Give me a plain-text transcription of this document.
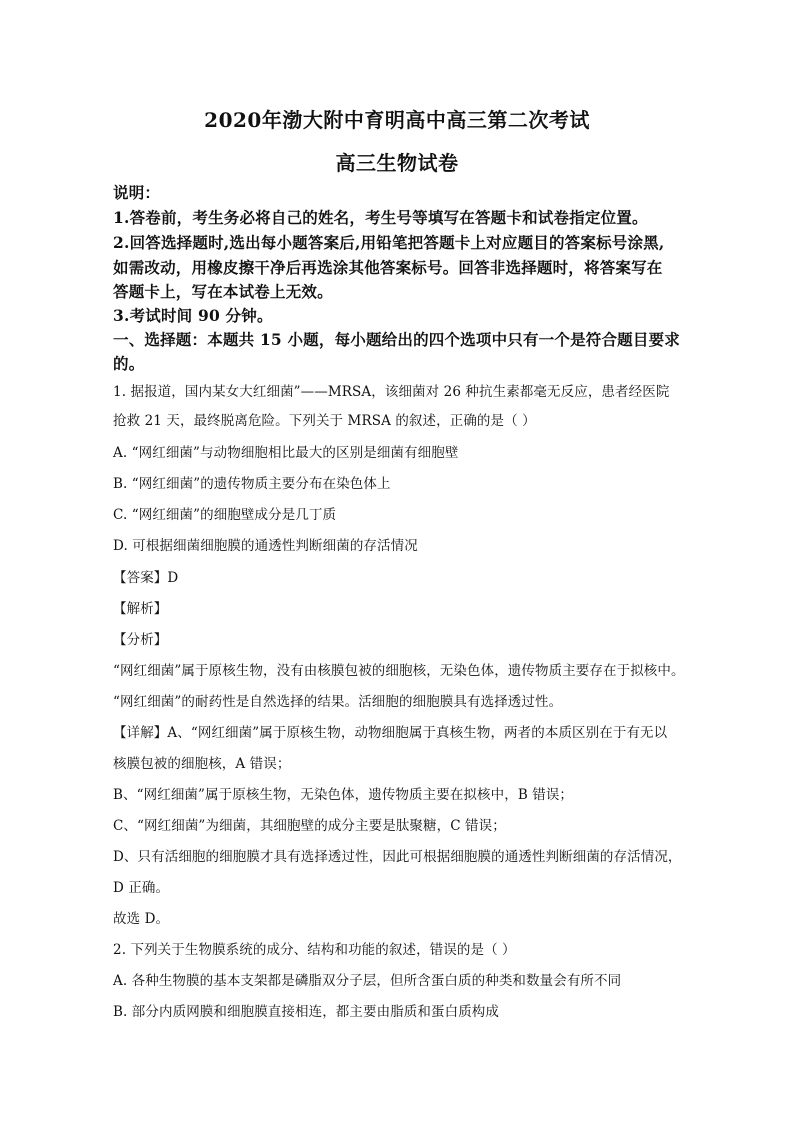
2020年渤大附中育明高中高三第二次考试
高三生物试卷
说明：
1.答卷前，考生务必将自己的姓名，考生号等填写在答题卡和试卷指定位置。
2.回答选择题时,选出每小题答案后,用铅笔把答题卡上对应题目的答案标号涂黑,
如需改动，用橡皮擦干净后再选涂其他答案标号。回答非选择题时，将答案写在
答题卡上，写在本试卷上无效。
3.考试时间 90 分钟。
一、选择题：本题共 15 小题，每小题给出的四个选项中只有一个是符合题目要求
的。
1. 据报道，国内某女大红细菌”——MRSA，该细菌对 26 种抗生素都毫无反应，患者经医院
抢救 21 天，最终脱离危险。下列关于 MRSA 的叙述，正确的是（ ）
A. “网红细菌”与动物细胞相比最大的区别是细菌有细胞壁
B. “网红细菌”的遗传物质主要分布在染色体上
C. “网红细菌”的细胞壁成分是几丁质
D. 可根据细菌细胞膜的通透性判断细菌的存活情况
【答案】D
【解析】
【分析】
“网红细菌”属于原核生物，没有由核膜包被的细胞核，无染色体，遗传物质主要存在于拟核中。
“网红细菌”的耐药性是自然选择的结果。活细胞的细胞膜具有选择透过性。
【详解】A、“网红细菌”属于原核生物，动物细胞属于真核生物，两者的本质区别在于有无以
核膜包被的细胞核，A 错误；
B、“网红细菌”属于原核生物，无染色体，遗传物质主要在拟核中，B 错误；
C、“网红细菌”为细菌，其细胞壁的成分主要是肽聚糖，C 错误；
D、只有活细胞的细胞膜才具有选择透过性，因此可根据细胞膜的通透性判断细菌的存活情况，
D 正确。
故选 D。
2. 下列关于生物膜系统的成分、结构和功能的叙述，错误的是（ ）
A. 各种生物膜的基本支架都是磷脂双分子层，但所含蛋白质的种类和数量会有所不同
B. 部分内质网膜和细胞膜直接相连，都主要由脂质和蛋白质构成
